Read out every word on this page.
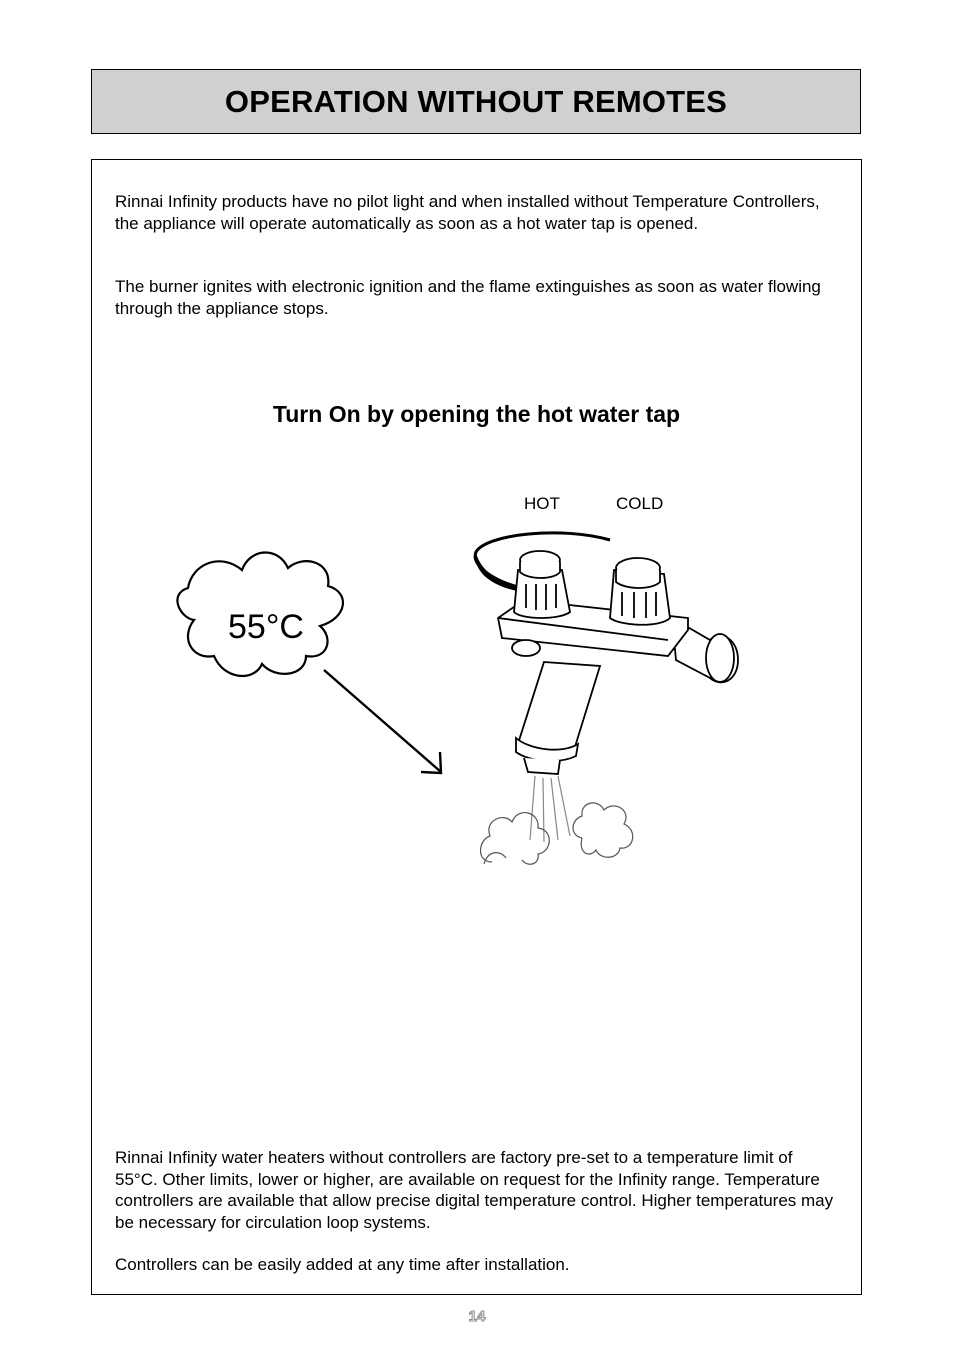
OPERATION WITHOUT REMOTES

Rinnai Infinity products have no pilot light and when installed without Temperature Controllers, the appliance will operate automatically as soon as a hot water tap is opened.

The burner ignites with electronic ignition and the flame extinguishes as soon as water flowing through the appliance stops.

Turn On by opening the hot water tap
HOT	COLD
55°C

Rinnai Infinity water heaters without controllers are factory pre-set to a temperature limit of 55°C. Other limits, lower or higher, are available on request for the Infinity range. Temperature controllers are available that allow precise digital temperature control. Higher temperatures may be necessary for circulation loop systems.

Controllers can be easily added at any time after installation.

14
